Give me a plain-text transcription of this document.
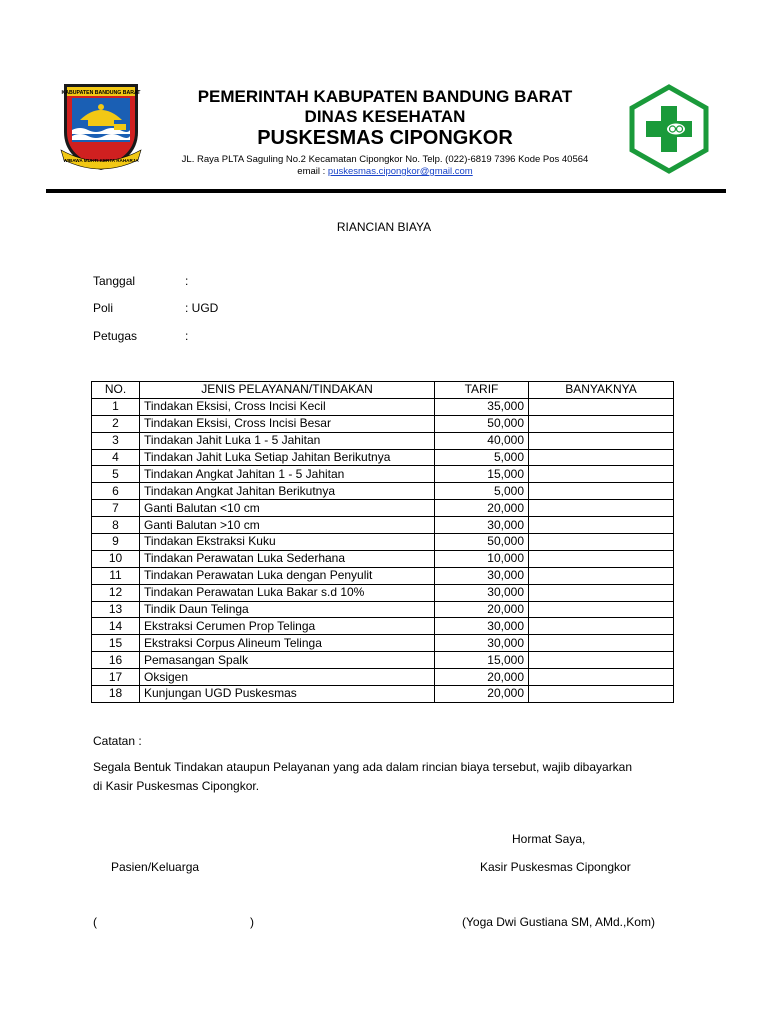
KABUPATEN BANDUNG BARAT
WIBAWA MUKTI KERTA RAHARJA
PEMERINTAH KABUPATEN BANDUNG BARAT
DINAS KESEHATAN
PUSKESMAS CIPONGKOR
JL. Raya PLTA Saguling No.2 Kecamatan Cipongkor No. Telp. (022)-6819 7396 Kode Pos 40564
email : puskesmas.cipongkor@gmail.com
RIANCIAN BIAYA
Tanggal	:
Poli	: UGD
Petugas	:
NO.	JENIS PELAYANAN/TINDAKAN	TARIF	BANYAKNYA
1	Tindakan Eksisi, Cross Incisi Kecil	35,000	
2	Tindakan Eksisi, Cross Incisi Besar	50,000	
3	Tindakan Jahit Luka 1 - 5 Jahitan	40,000	
4	Tindakan Jahit Luka Setiap Jahitan Berikutnya	5,000	
5	Tindakan Angkat Jahitan 1 - 5 Jahitan	15,000	
6	Tindakan Angkat Jahitan Berikutnya	5,000	
7	Ganti Balutan <10 cm	20,000	
8	Ganti Balutan >10 cm	30,000	
9	Tindakan Ekstraksi Kuku	50,000	
10	Tindakan Perawatan Luka Sederhana	10,000	
11	Tindakan Perawatan Luka dengan Penyulit	30,000	
12	Tindakan Perawatan Luka Bakar s.d 10%	30,000	
13	Tindik Daun Telinga	20,000	
14	Ekstraksi Cerumen Prop Telinga	30,000	
15	Ekstraksi Corpus Alineum Telinga	30,000	
16	Pemasangan Spalk	15,000	
17	Oksigen	20,000	
18	Kunjungan UGD Puskesmas	20,000	
Catatan :
Segala Bentuk Tindakan ataupun Pelayanan yang ada dalam rincian biaya tersebut, wajib dibayarkan
di Kasir Puskesmas Cipongkor.
Hormat Saya,
Pasien/Keluarga	Kasir Puskesmas Cipongkor
(	)	(Yoga Dwi Gustiana SM, AMd.,Kom)
